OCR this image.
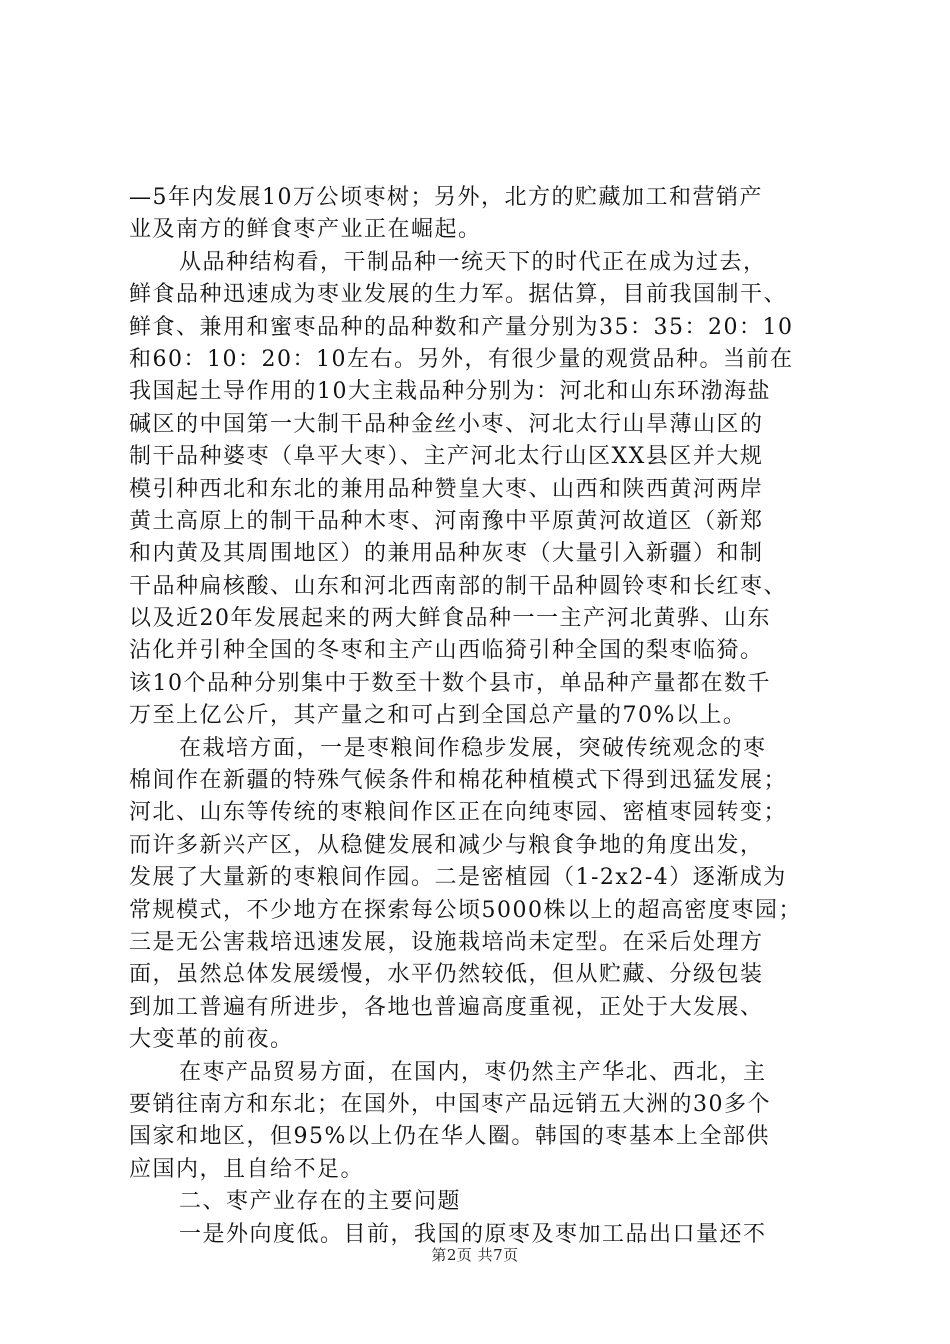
—5年内发展10万公顷枣树；另外，北方的贮藏加工和营销产
业及南方的鲜食枣产业正在崛起。
从品种结构看，干制品种一统天下的时代正在成为过去，
鲜食品种迅速成为枣业发展的生力军。据估算，目前我国制干、
鲜食、兼用和蜜枣品种的品种数和产量分别为35：35：20：10
和60：10：20：10左右。另外，有很少量的观赏品种。当前在
我国起土导作用的10大主栽品种分别为：河北和山东环渤海盐
碱区的中国第一大制干品种金丝小枣、河北太行山旱薄山区的
制干品种婆枣（阜平大枣）、主产河北太行山区XX县区并大规
模引种西北和东北的兼用品种赞皇大枣、山西和陕西黄河两岸
黄土高原上的制干品种木枣、河南豫中平原黄河故道区（新郑
和内黄及其周围地区）的兼用品种灰枣（大量引入新疆）和制
干品种扁核酸、山东和河北西南部的制干品种圆铃枣和长红枣、
以及近20年发展起来的两大鲜食品种一一主产河北黄骅、山东
沾化并引种全国的冬枣和主产山西临猗引种全国的梨枣临猗。
该10个品种分别集中于数至十数个县市，单品种产量都在数千
万至上亿公斤，其产量之和可占到全国总产量的70%以上。
在栽培方面，一是枣粮间作稳步发展，突破传统观念的枣
棉间作在新疆的特殊气候条件和棉花种植模式下得到迅猛发展；
河北、山东等传统的枣粮间作区正在向纯枣园、密植枣园转变；
而许多新兴产区，从稳健发展和减少与粮食争地的角度出发，
发展了大量新的枣粮间作园。二是密植园（1-2x2-4）逐渐成为
常规模式，不少地方在探索每公顷5000株以上的超高密度枣园；
三是无公害栽培迅速发展，设施栽培尚未定型。在采后处理方
面，虽然总体发展缓慢，水平仍然较低，但从贮藏、分级包装
到加工普遍有所进步，各地也普遍高度重视，正处于大发展、
大变革的前夜。
在枣产品贸易方面，在国内，枣仍然主产华北、西北，主
要销往南方和东北；在国外，中国枣产品远销五大洲的30多个
国家和地区，但95%以上仍在华人圈。韩国的枣基本上全部供
应国内，且自给不足。
二、枣产业存在的主要问题
一是外向度低。目前，我国的原枣及枣加工品出口量还不
第2页 共7页
